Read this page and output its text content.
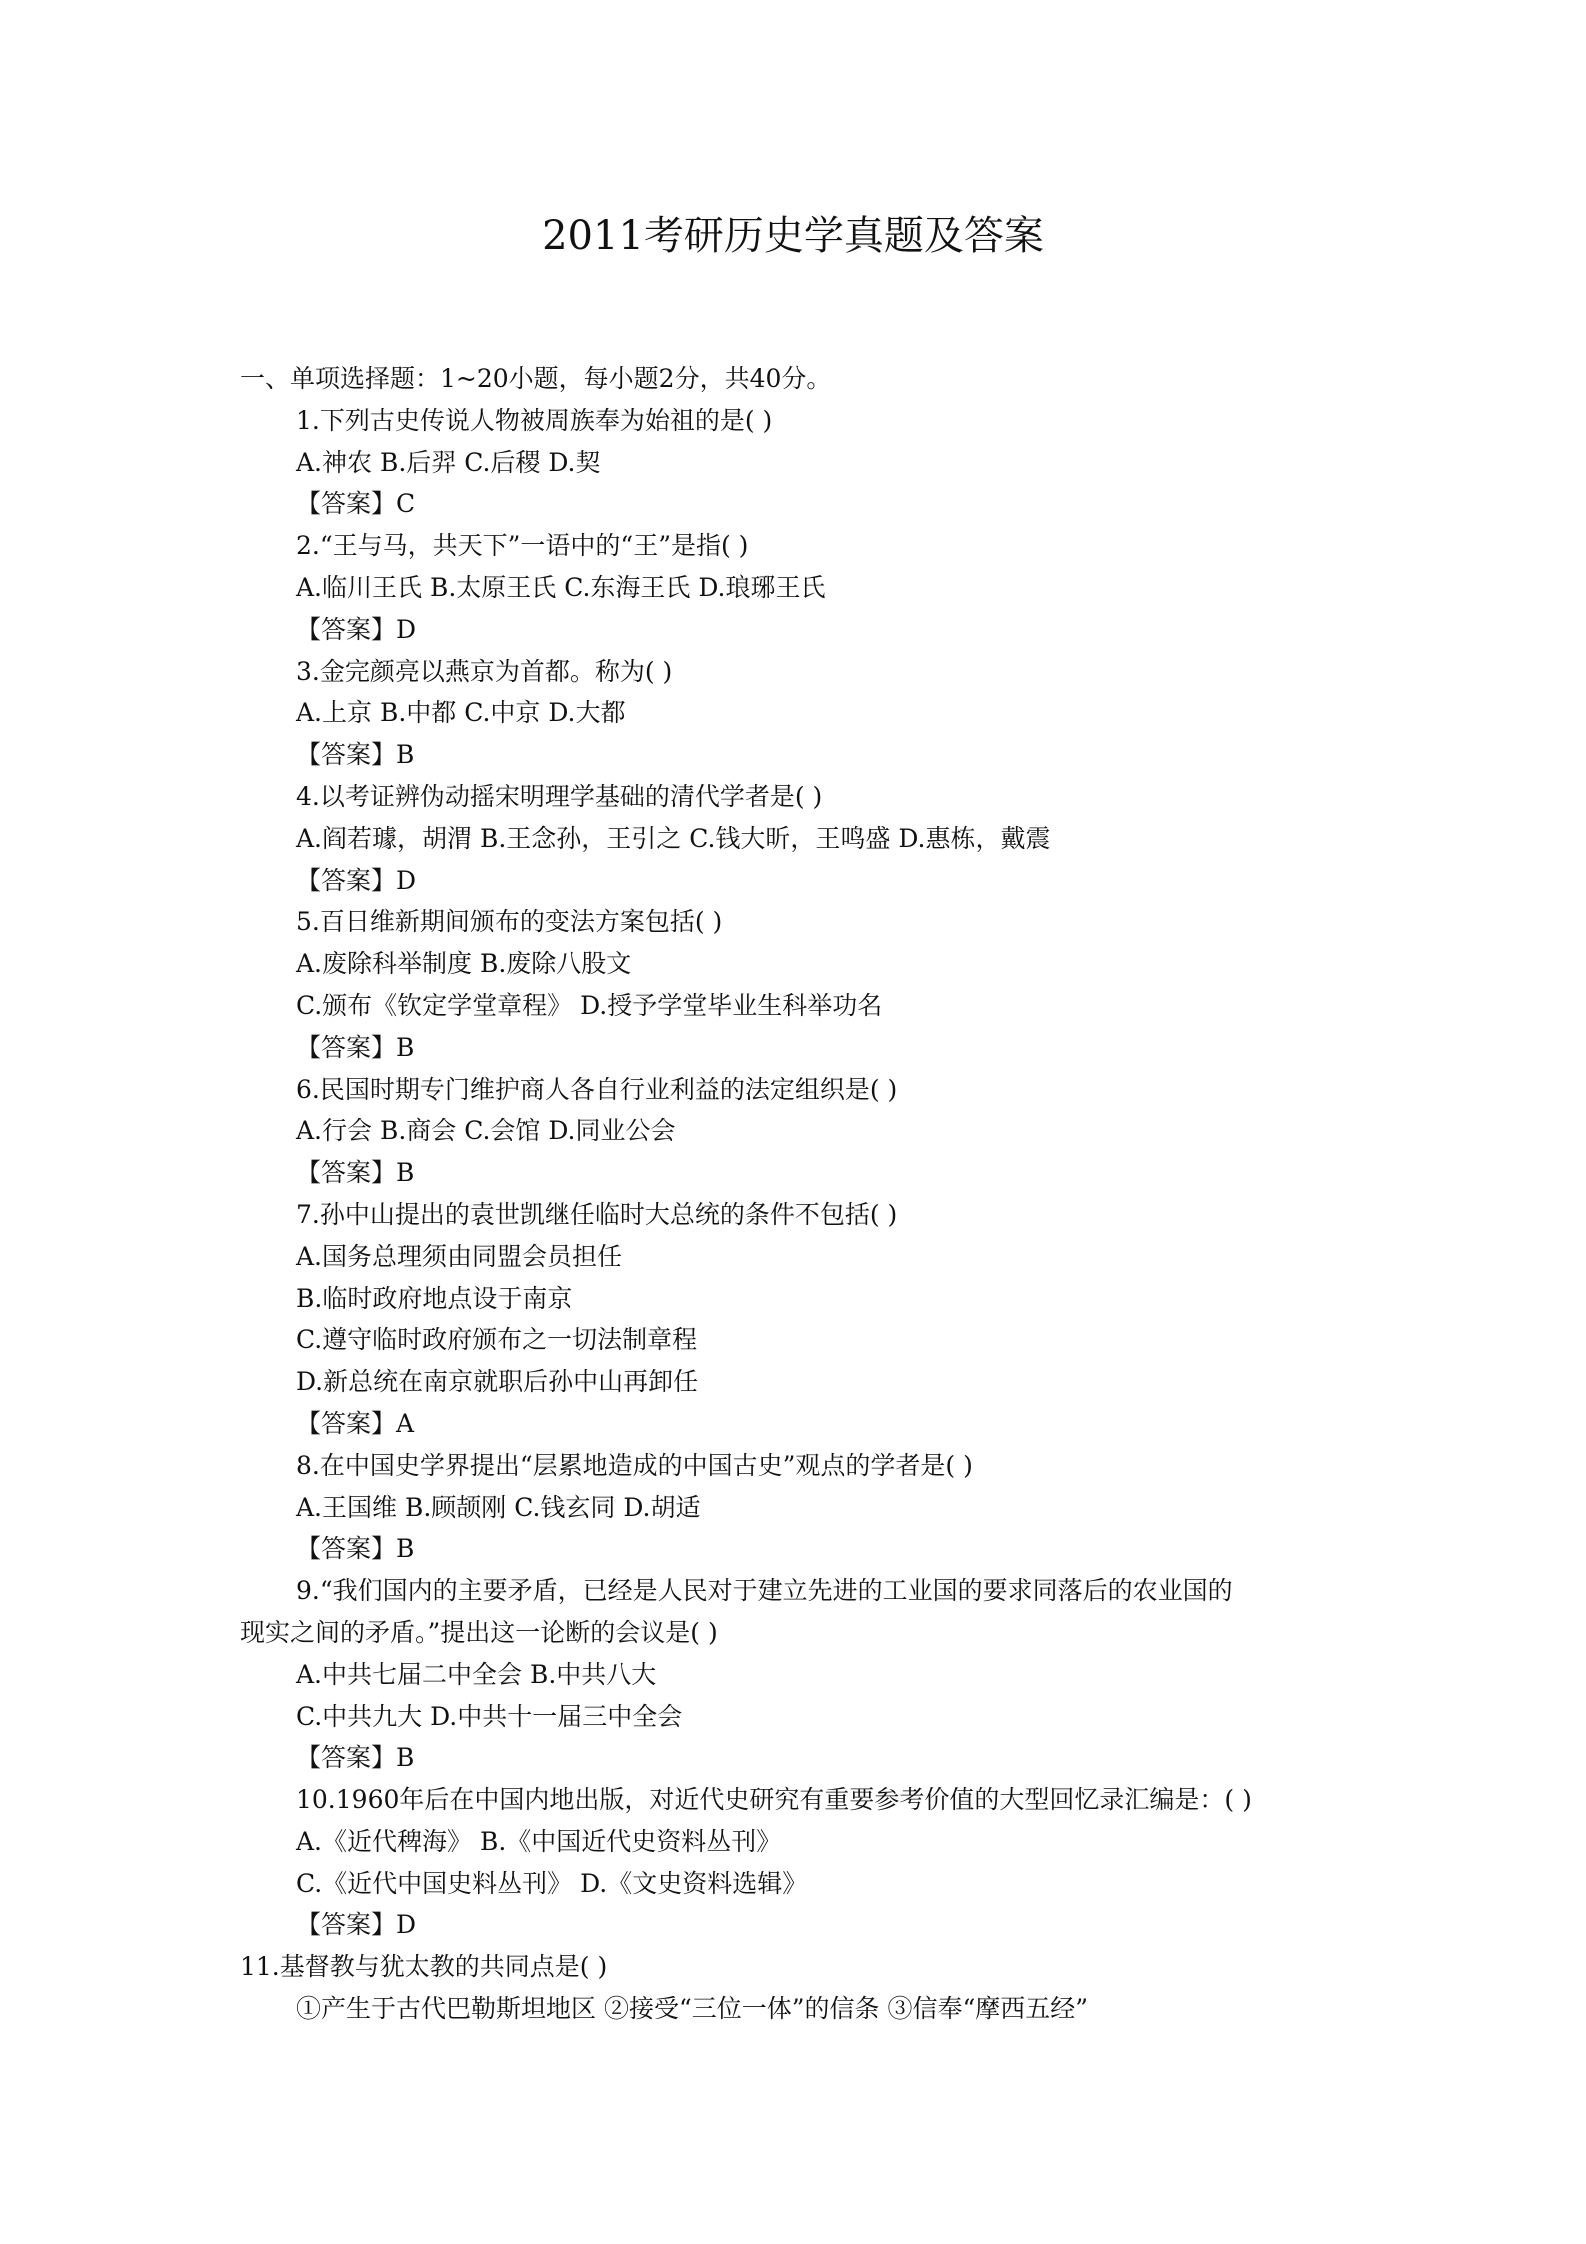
2011考研历史学真题及答案
一、单项选择题：1~20小题，每小题2分，共40分。
1.下列古史传说人物被周族奉为始祖的是( )
A.神农 B.后羿 C.后稷 D.契
【答案】C
2.“王与马，共天下”一语中的“王”是指( )
A.临川王氏 B.太原王氏 C.东海王氏 D.琅琊王氏
【答案】D
3.金完颜亮以燕京为首都。称为( )
A.上京 B.中都 C.中京 D.大都
【答案】B
4.以考证辨伪动摇宋明理学基础的清代学者是( )
A.阎若璩，胡渭 B.王念孙，王引之 C.钱大昕，王鸣盛 D.惠栋，戴震
【答案】D
5.百日维新期间颁布的变法方案包括( )
A.废除科举制度 B.废除八股文
C.颁布《钦定学堂章程》 D.授予学堂毕业生科举功名
【答案】B
6.民国时期专门维护商人各自行业利益的法定组织是( )
A.行会 B.商会 C.会馆 D.同业公会
【答案】B
7.孙中山提出的袁世凯继任临时大总统的条件不包括( )
A.国务总理须由同盟会员担任
B.临时政府地点设于南京
C.遵守临时政府颁布之一切法制章程
D.新总统在南京就职后孙中山再卸任
【答案】A
8.在中国史学界提出“层累地造成的中国古史”观点的学者是( )
A.王国维 B.顾颉刚 C.钱玄同 D.胡适
【答案】B
9.“我们国内的主要矛盾，已经是人民对于建立先进的工业国的要求同落后的农业国的
现实之间的矛盾。”提出这一论断的会议是( )
A.中共七届二中全会 B.中共八大
C.中共九大 D.中共十一届三中全会
【答案】B
10.1960年后在中国内地出版，对近代史研究有重要参考价值的大型回忆录汇编是：( )
A.《近代稗海》 B.《中国近代史资料丛刊》
C.《近代中国史料丛刊》 D.《文史资料选辑》
【答案】D
11.基督教与犹太教的共同点是( )
①产生于古代巴勒斯坦地区 ②接受“三位一体”的信条 ③信奉“摩西五经”
